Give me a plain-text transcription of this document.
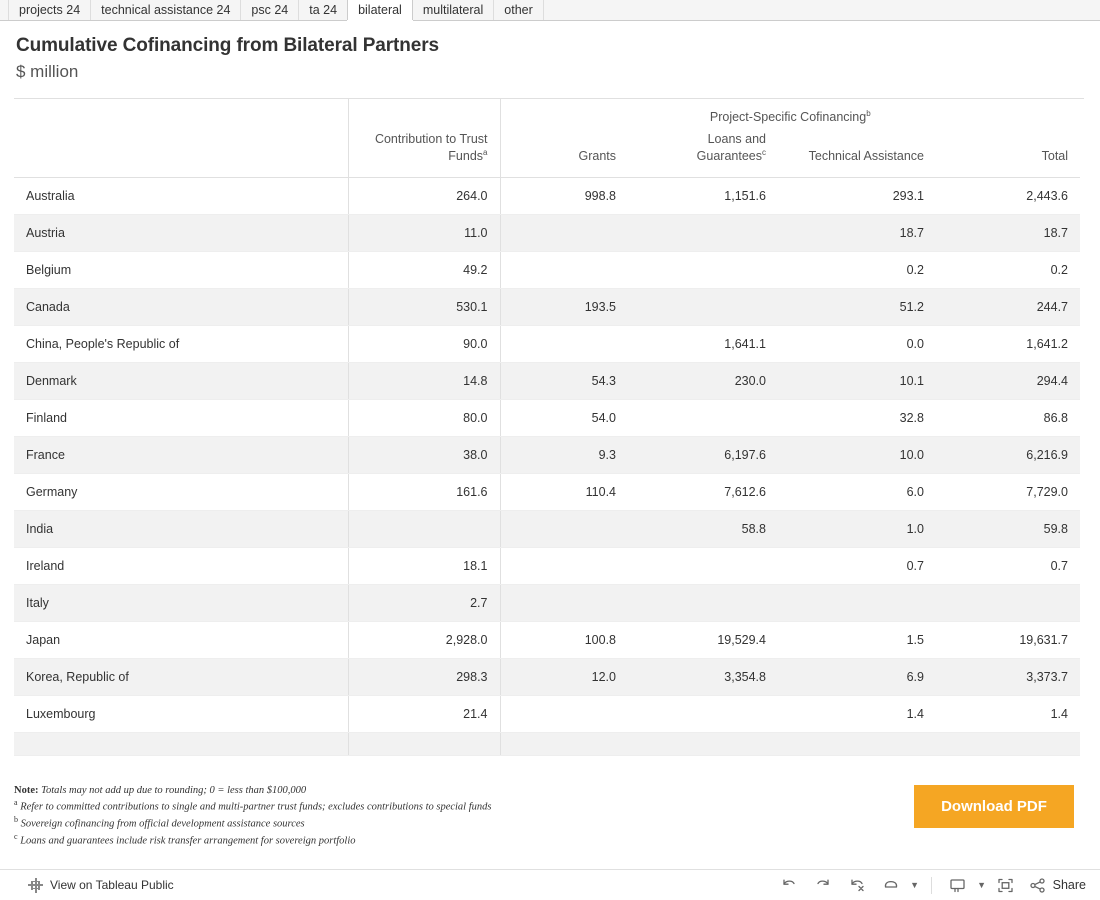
projects 24 technical assistance 24 psc 24 ta 24 bilateral multilateral other
Cumulative Cofinancing from Bilateral Partners
$ million
		Project-Specific Cofinancing$^b$
	Contribution to Trust Funds$^a$	Grants	Loans and Guarantees$^c$	Technical Assistance	Total
Australia	264.0	998.8	1,151.6	293.1	2,443.6
Austria	11.0			18.7	18.7
Belgium	49.2			0.2	0.2
Canada	530.1	193.5		51.2	244.7
China, People's Republic of	90.0		1,641.1	0.0	1,641.2
Denmark	14.8	54.3	230.0	10.1	294.4
Finland	80.0	54.0		32.8	86.8
France	38.0	9.3	6,197.6	10.0	6,216.9
Germany	161.6	110.4	7,612.6	6.0	7,729.0
India			58.8	1.0	59.8
Ireland	18.1			0.7	0.7
Italy	2.7				
Japan	2,928.0	100.8	19,529.4	1.5	19,631.7
Korea, Republic of	298.3	12.0	3,354.8	6.9	3,373.7
Luxembourg	21.4			1.4	1.4

Note: Totals may not add up due to rounding; 0 = less than $100,000
$^a$ Refer to committed contributions to single and multi-partner trust funds; excludes contributions to special funds
$^b$ Sovereign cofinancing from official development assistance sources
$^c$ Loans and guarantees include risk transfer arrangement for sovereign portfolio
Download PDF
View on Tableau Public	▼	▼	Share
